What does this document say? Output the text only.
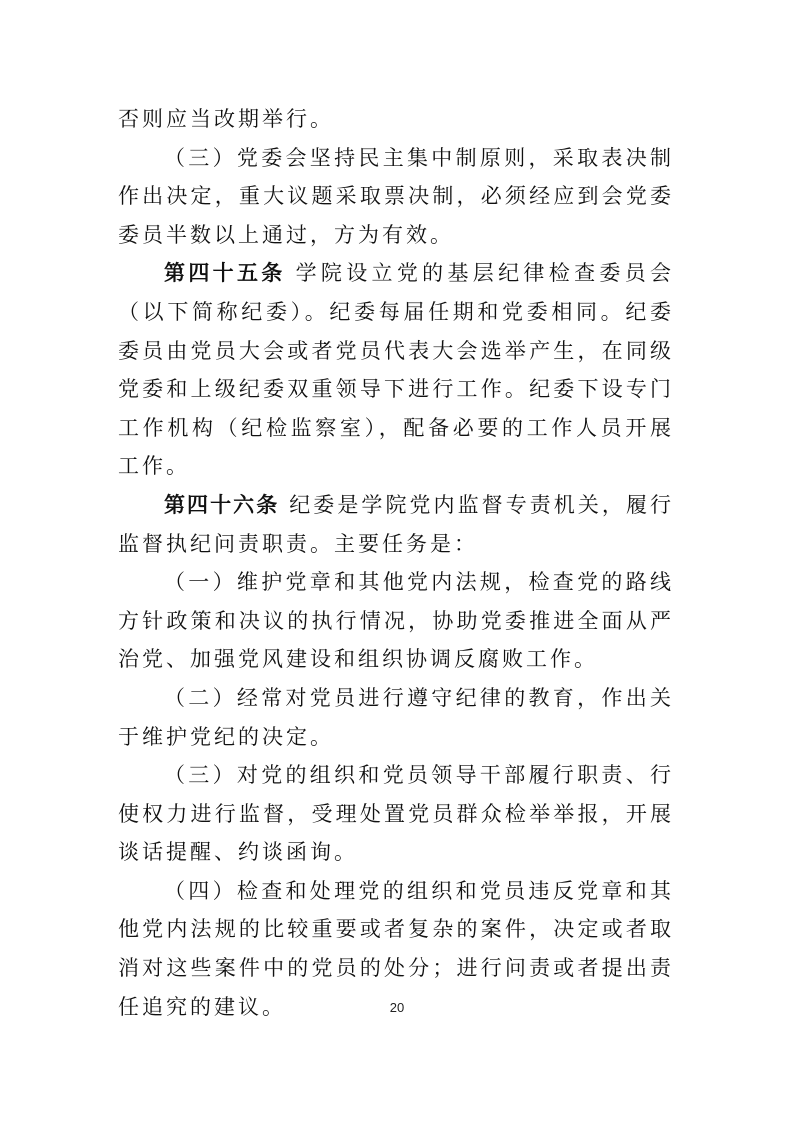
否则应当改期举行。

（三）党委会坚持民主集中制原则，采取表决制作出决定，重大议题采取票决制，必须经应到会党委委员半数以上通过，方为有效。

第四十五条 学院设立党的基层纪律检查委员会（以下简称纪委）。纪委每届任期和党委相同。纪委委员由党员大会或者党员代表大会选举产生，在同级党委和上级纪委双重领导下进行工作。纪委下设专门工作机构（纪检监察室），配备必要的工作人员开展工作。

第四十六条 纪委是学院党内监督专责机关，履行监督执纪问责职责。主要任务是：

（一）维护党章和其他党内法规，检查党的路线方针政策和决议的执行情况，协助党委推进全面从严治党、加强党风建设和组织协调反腐败工作。

（二）经常对党员进行遵守纪律的教育，作出关于维护党纪的决定。

（三）对党的组织和党员领导干部履行职责、行使权力进行监督，受理处置党员群众检举举报，开展谈话提醒、约谈函询。

（四）检查和处理党的组织和党员违反党章和其他党内法规的比较重要或者复杂的案件，决定或者取消对这些案件中的党员的处分；进行问责或者提出责任追究的建议。	20
